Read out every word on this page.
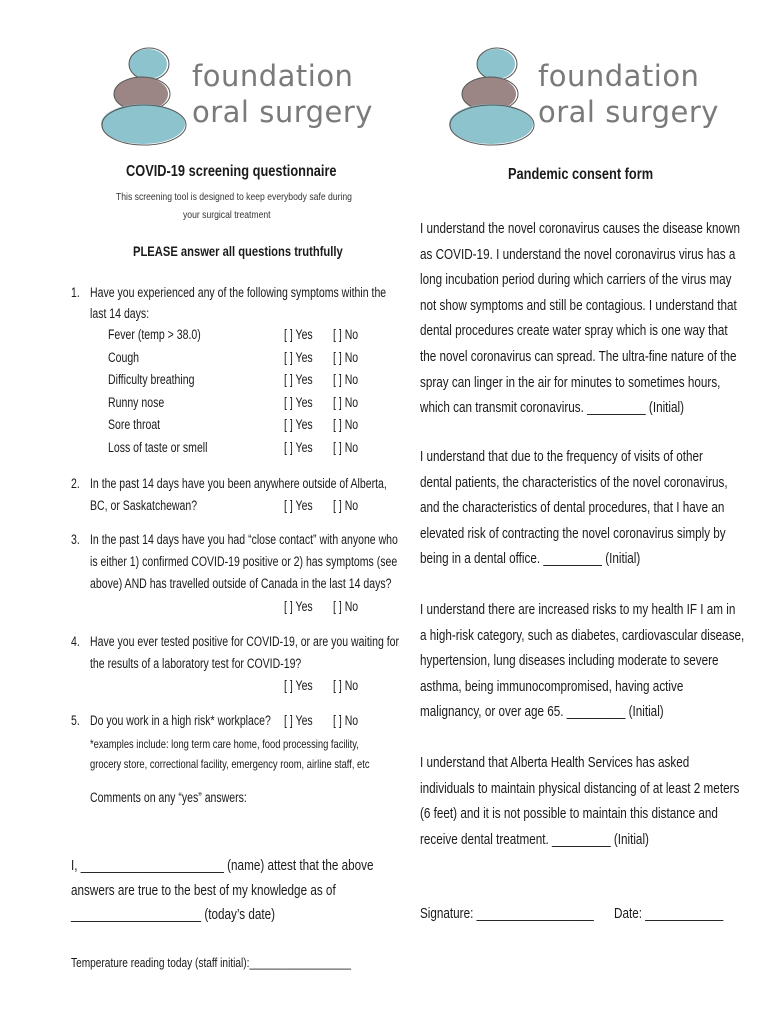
foundation
oral surgery
foundation
oral surgery
COVID-19 screening questionnaire
This screening tool is designed to keep everybody safe during
your surgical treatment
PLEASE answer all questions truthfully
1. Have you experienced any of the following symptoms within the
last 14 days:
Fever (temp > 38.0)
Cough
Difficulty breathing
Runny nose
Sore throat
Loss of taste or smell
[ ] Yes [ ] No
[ ] Yes [ ] No
[ ] Yes [ ] No
[ ] Yes [ ] No
[ ] Yes [ ] No
[ ] Yes [ ] No
2. In the past 14 days have you been anywhere outside of Alberta,
BC, or Saskatchewan?	[ ] Yes [ ] No
3. In the past 14 days have you had “close contact” with anyone who
is either 1) confirmed COVID-19 positive or 2) has symptoms (see
above) AND has travelled outside of Canada in the last 14 days?
[ ] Yes [ ] No
4. Have you ever tested positive for COVID-19, or are you waiting for
the results of a laboratory test for COVID-19?
[ ] Yes [ ] No
5. Do you work in a high risk* workplace? [ ] Yes [ ] No
*examples include: long term care home, food processing facility,
grocery store, correctional facility, emergency room, airline staff, etc
Comments on any “yes” answers:
I, ______________________ (name) attest that the above
answers are true to the best of my knowledge as of
____________________ (today’s date)
Temperature reading today (staff initial):__________________
Pandemic consent form
I understand the novel coronavirus causes the disease known
as COVID-19. I understand the novel coronavirus virus has a
long incubation period during which carriers of the virus may
not show symptoms and still be contagious. I understand that
dental procedures create water spray which is one way that
the novel coronavirus can spread. The ultra-fine nature of the
spray can linger in the air for minutes to sometimes hours,
which can transmit coronavirus. _________ (Initial)
I understand that due to the frequency of visits of other
dental patients, the characteristics of the novel coronavirus,
and the characteristics of dental procedures, that I have an
elevated risk of contracting the novel coronavirus simply by
being in a dental office. _________ (Initial)
I understand there are increased risks to my health IF I am in
a high-risk category, such as diabetes, cardiovascular disease,
hypertension, lung diseases including moderate to severe
asthma, being immunocompromised, having active
malignancy, or over age 65. _________ (Initial)
I understand that Alberta Health Services has asked
individuals to maintain physical distancing of at least 2 meters
(6 feet) and it is not possible to maintain this distance and
receive dental treatment. _________ (Initial)
Signature: __________________ Date: ____________
